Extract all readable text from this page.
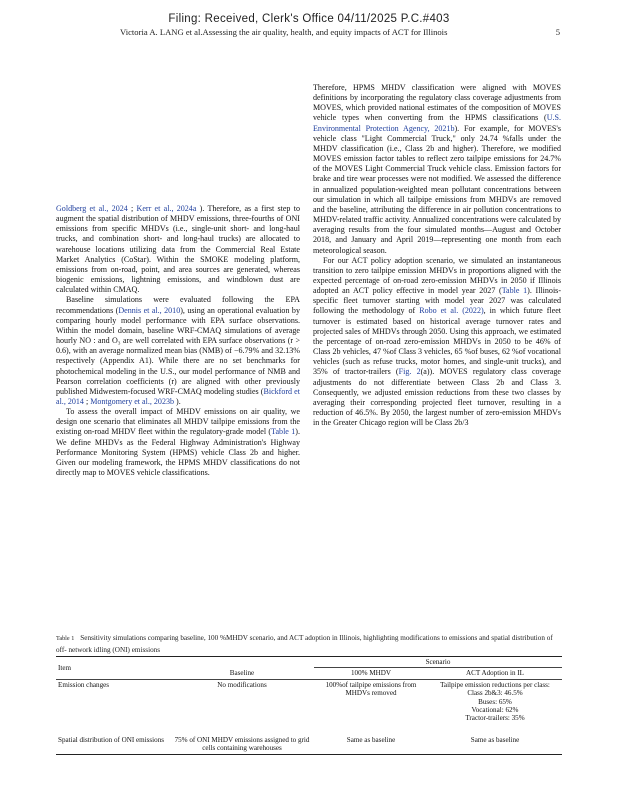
Filing: Received, Clerk's Office 04/11/2025 P.C.#403
Victoria A. LANG et al.Assessing the air quality, health, and equity impacts of ACT for Illinois	5

Goldberg et al., 2024 ; Kerr et al., 2024a ). Therefore, as a first step to augment the spatial distribution of MHDV emissions, three-fourths of ONI emissions from specific MHDVs (i.e., single-unit short- and long-haul trucks, and combination short- and long-haul trucks) are allocated to warehouse locations utilizing data from the Commercial Real Estate Market Analytics (CoStar). Within the SMOKE modeling platform, emissions from on-road, point, and area sources are generated, whereas biogenic emissions, lightning emissions, and windblown dust are calculated within CMAQ.

Baseline simulations were evaluated following the EPA recommendations (Dennis et al., 2010), using an operational evaluation by comparing hourly model performance with EPA surface observations. Within the model domain, baseline WRF-CMAQ simulations of average hourly NO : and O₃ are well correlated with EPA surface observations (r > 0.6), with an average normalized mean bias (NMB) of −6.79% and 32.13% respectively (Appendix A1). While there are no set benchmarks for photochemical modeling in the U.S., our model performance of NMB and Pearson correlation coefficients (r) are aligned with other previously published Midwestern-focused WRF-CMAQ modeling studies (Bickford et al., 2014 ; Montgomery et al., 2023b ).

To assess the overall impact of MHDV emissions on air quality, we design one scenario that eliminates all MHDV tailpipe emissions from the existing on-road MHDV fleet within the regulatory-grade model (Table 1). We define MHDVs as the Federal Highway Administration's Highway Performance Monitoring System (HPMS) vehicle Class 2b and higher. Given our modeling framework, the HPMS MHDV classifications do not directly map to MOVES vehicle classifications.

Therefore, HPMS MHDV classification were aligned with MOVES definitions by incorporating the regulatory class coverage adjustments from MOVES, which provided national estimates of the composition of MOVES vehicle types when converting from the HPMS classifications (U.S. Environmental Protection Agency, 2021b). For example, for MOVES's vehicle class "Light Commercial Truck," only 24.74 %falls under the MHDV classification (i.e., Class 2b and higher). Therefore, we modified MOVES emission factor tables to reflect zero tailpipe emissions for 24.7% of the MOVES Light Commercial Truck vehicle class. Emission factors for brake and tire wear processes were not modified. We assessed the difference in annualized population-weighted mean pollutant concentrations between our simulation in which all tailpipe emissions from MHDVs are removed and the baseline, attributing the difference in air pollution concentrations to MHDV-related traffic activity. Annualized concentrations were calculated by averaging results from the four simulated months—August and October 2018, and January and April 2019—representing one month from each meteorological season.

For our ACT policy adoption scenario, we simulated an instantaneous transition to zero tailpipe emission MHDVs in proportions aligned with the expected percentage of on-road zero-emission MHDVs in 2050 if Illinois adopted an ACT policy effective in model year 2027 (Table 1). Illinois-specific fleet turnover starting with model year 2027 was calculated following the methodology of Robo et al. (2022), in which future fleet turnover is estimated based on historical average turnover rates and projected sales of MHDVs through 2050. Using this approach, we estimated the percentage of on-road zero-emission MHDVs in 2050 to be 46% of Class 2b vehicles, 47 %of Class 3 vehicles, 65 %of buses, 62 %of vocational vehicles (such as refuse trucks, motor homes, and single-unit trucks), and 35% of tractor-trailers (Fig. 2(a)). MOVES regulatory class coverage adjustments do not differentiate between Class 2b and Class 3. Consequently, we adjusted emission reductions from these two classes by averaging their corresponding projected fleet turnover, resulting in a reduction of 46.5%. By 2050, the largest number of zero-emission MHDVs in the Greater Chicago region will be Class 2b/3

Table 1 Sensitivity simulations comparing baseline, 100 %MHDV scenario, and ACT adoption in Illinois, highlighting modifications to emissions and spatial distribution of off- network idling (ONI) emissions
Item		Scenario	
	Baseline	100% MHDV	ACT Adoption in IL
Emission changes	No modifications	100%of tailpipe emissions from MHDVs removed	Tailpipe emission reductions per class:
Class 2b&3: 46.5%
Buses: 65%
Vocational: 62%
Tractor-trailers: 35%

Spatial distribution of ONI emissions	75% of ONI MHDV emissions assigned to grid cells containing warehouses	Same as baseline	Same as baseline
